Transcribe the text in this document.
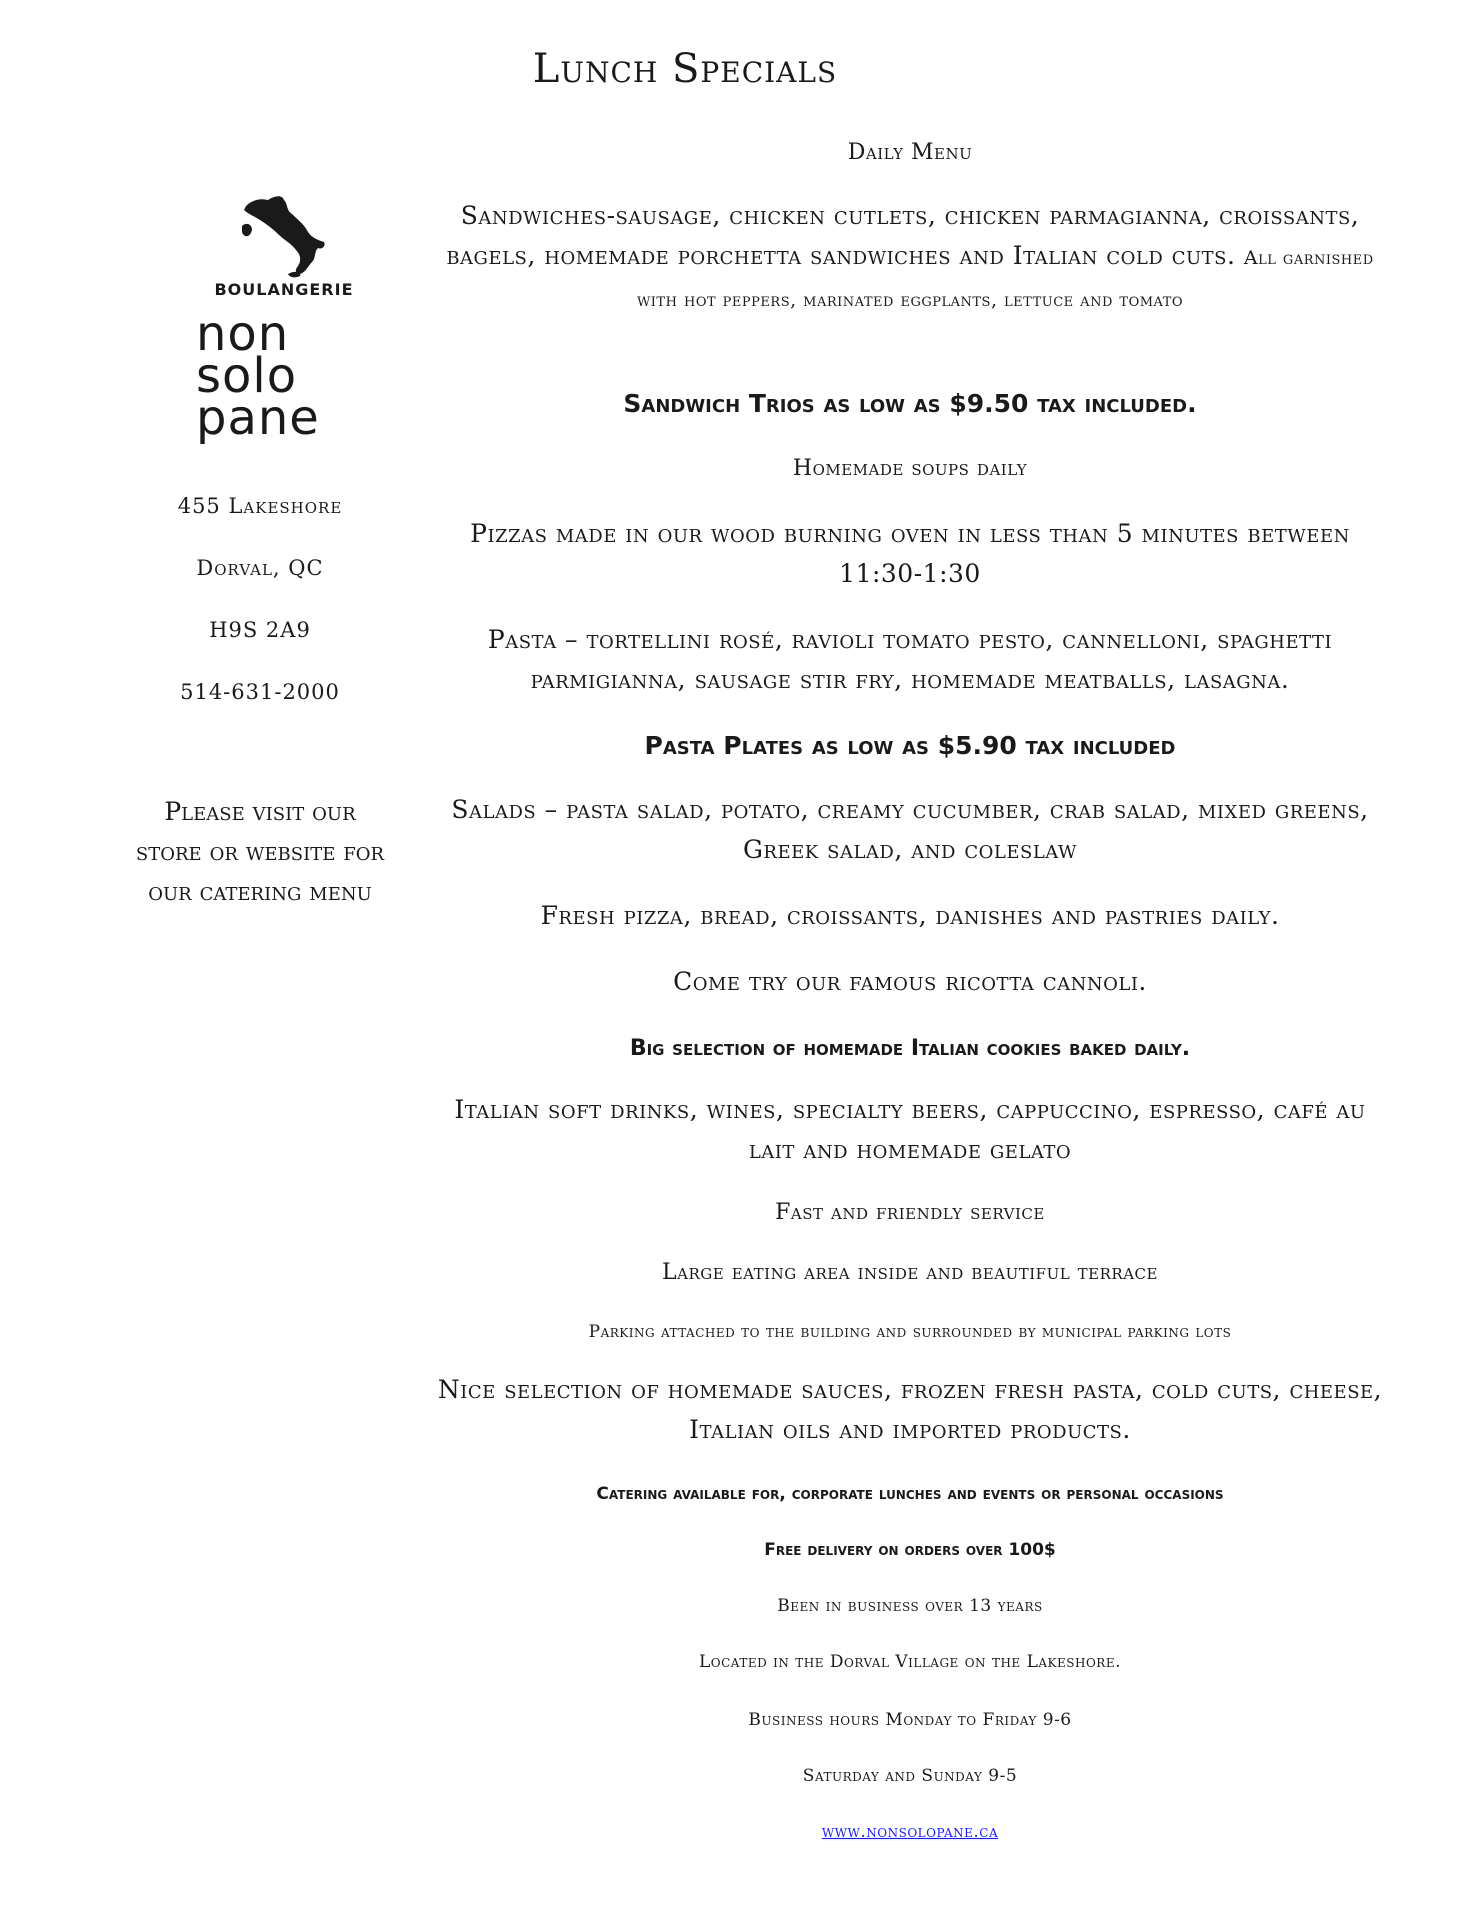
Lunch Specials
BOULANGERIE
non
solo
pane
455 Lakeshore
Dorval, QC
H9S 2A9
514-631-2000
Please visit our store or website for our catering menu
Daily Menu
Sandwiches-sausage, chicken cutlets, chicken parmagianna, croissants, bagels, homemade porchetta sandwiches and Italian cold cuts. All garnished with hot peppers, marinated eggplants, lettuce and tomato
Sandwich Trios as low as $9.50 tax included.
Homemade soups daily
Pizzas made in our wood burning oven in less than 5 minutes between 11:30-1:30
Pasta – tortellini rosé, ravioli tomato pesto, cannelloni, spaghetti parmigianna, sausage stir fry, homemade meatballs, lasagna.
Pasta Plates as low as $5.90 tax included
Salads – pasta salad, potato, creamy cucumber, crab salad, mixed greens, Greek salad, and coleslaw
Fresh pizza, bread, croissants, danishes and pastries daily.
Come try our famous ricotta cannoli.
Big selection of homemade Italian cookies baked daily.
Italian soft drinks, wines, specialty beers, cappuccino, espresso, café au lait and homemade gelato
Fast and friendly service
Large eating area inside and beautiful terrace
Parking attached to the building and surrounded by municipal parking lots
Nice selection of homemade sauces, frozen fresh pasta, cold cuts, cheese, Italian oils and imported products.
Catering available for, corporate lunches and events or personal occasions
Free delivery on orders over 100$
Been in business over 13 years
Located in the Dorval Village on the Lakeshore.
Business hours Monday to Friday 9-6
Saturday and Sunday 9-5
www.nonsolopane.ca
